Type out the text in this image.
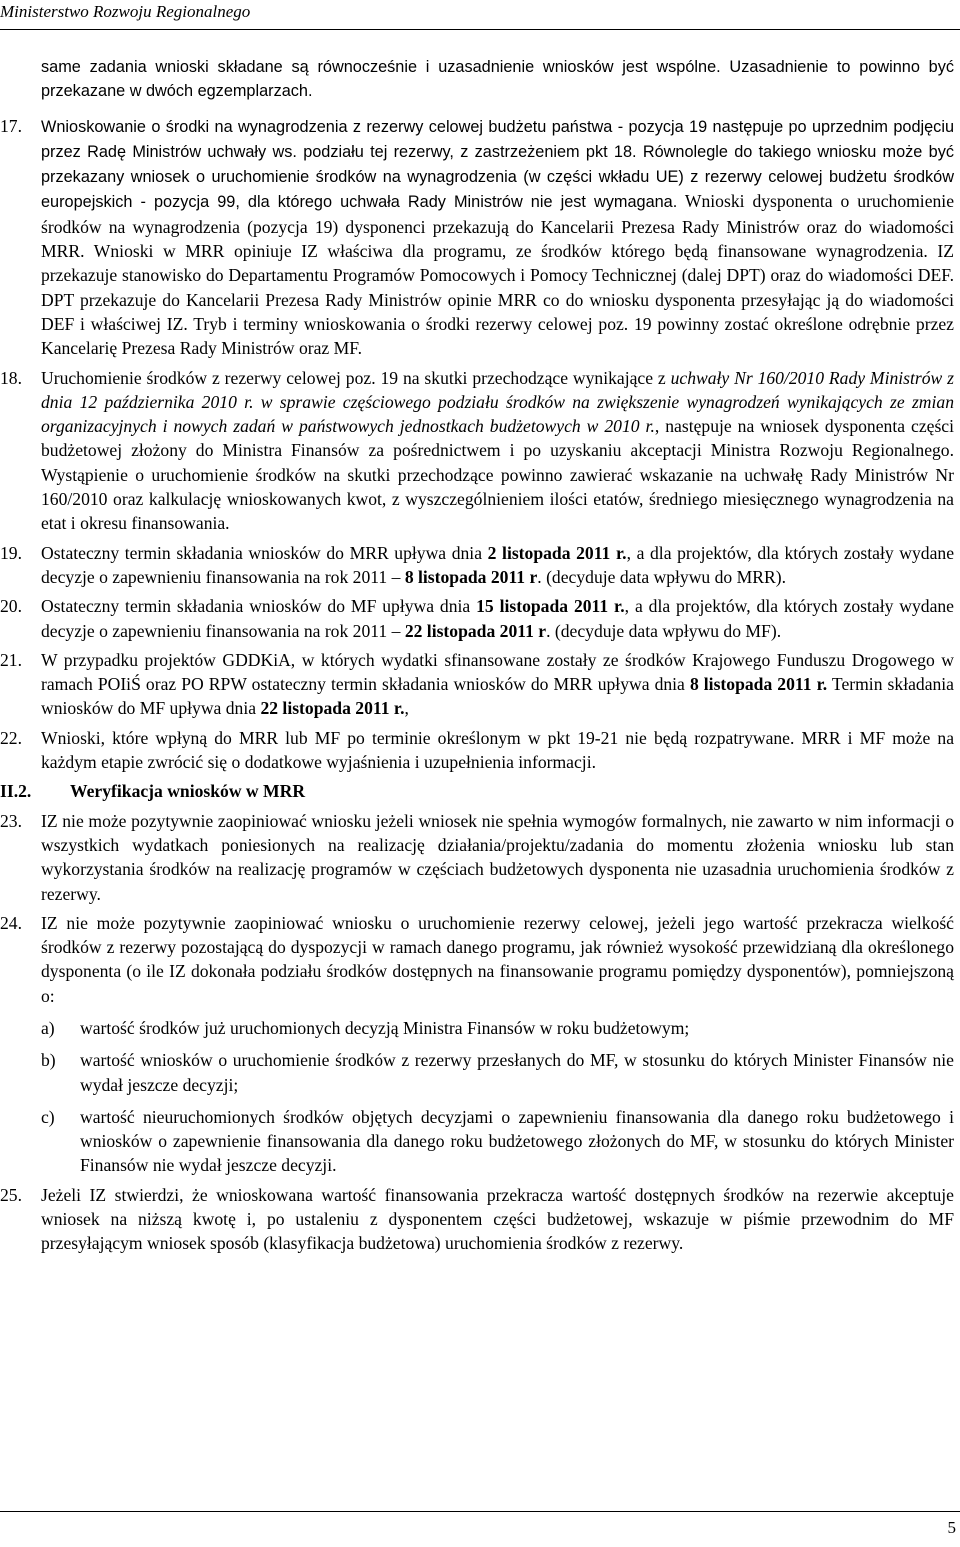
Ministerstwo Rozwoju Regionalnego
same zadania wnioski składane są równocześnie i uzasadnienie wniosków jest wspólne. Uzasadnienie to powinno być przekazane w dwóch egzemplarzach.
17.	Wnioskowanie o środki na wynagrodzenia z rezerwy celowej budżetu państwa - pozycja 19 następuje po uprzednim podjęciu przez Radę Ministrów uchwały ws. podziału tej rezerwy, z zastrzeżeniem pkt 18. Równolegle do takiego wniosku może być przekazany wniosek o uruchomienie środków na wynagrodzenia (w części wkładu UE) z rezerwy celowej budżetu środków europejskich - pozycja 99, dla którego uchwała Rady Ministrów nie jest wymagana. Wnioski dysponenta o uruchomienie środków na wynagrodzenia (pozycja 19) dysponenci przekazują do Kancelarii Prezesa Rady Ministrów oraz do wiadomości MRR. Wnioski w MRR opiniuje IZ właściwa dla programu, ze środków którego będą finansowane wynagrodzenia. IZ przekazuje stanowisko do Departamentu Programów Pomocowych i Pomocy Technicznej (dalej DPT) oraz do wiadomości DEF. DPT przekazuje do Kancelarii Prezesa Rady Ministrów opinie MRR co do wniosku dysponenta przesyłając ją do wiadomości DEF i właściwej IZ. Tryb i terminy wnioskowania o środki rezerwy celowej poz. 19 powinny zostać określone odrębnie przez Kancelarię Prezesa Rady Ministrów oraz MF.
18.	Uruchomienie środków z rezerwy celowej poz. 19 na skutki przechodzące wynikające z uchwały Nr 160/2010 Rady Ministrów z dnia 12 października 2010 r. w sprawie częściowego podziału środków na zwiększenie wynagrodzeń wynikających ze zmian organizacyjnych i nowych zadań w państwowych jednostkach budżetowych w 2010 r., następuje na wniosek dysponenta części budżetowej złożony do Ministra Finansów za pośrednictwem i po uzyskaniu akceptacji Ministra Rozwoju Regionalnego. Wystąpienie o uruchomienie środków na skutki przechodzące powinno zawierać wskazanie na uchwałę Rady Ministrów Nr 160/2010 oraz kalkulację wnioskowanych kwot, z wyszczególnieniem ilości etatów, średniego miesięcznego wynagrodzenia na etat i okresu finansowania.
19.	Ostateczny termin składania wniosków do MRR upływa dnia 2 listopada 2011 r., a dla projektów, dla których zostały wydane decyzje o zapewnieniu finansowania na rok 2011 – 8 listopada 2011 r. (decyduje data wpływu do MRR).
20.	Ostateczny termin składania wniosków do MF upływa dnia 15 listopada 2011 r., a dla projektów, dla których zostały wydane decyzje o zapewnieniu finansowania na rok 2011 – 22 listopada 2011 r. (decyduje data wpływu do MF).
21.	W przypadku projektów GDDKiA, w których wydatki sfinansowane zostały ze środków Krajowego Funduszu Drogowego w ramach POIiŚ oraz PO RPW ostateczny termin składania wniosków do MRR upływa dnia 8 listopada 2011 r. Termin składania wniosków do MF upływa dnia 22 listopada 2011 r.,
22.	Wnioski, które wpłyną do MRR lub MF po terminie określonym w pkt 19-21 nie będą rozpatrywane. MRR i MF może na każdym etapie zwrócić się o dodatkowe wyjaśnienia i uzupełnienia informacji.
II.2. Weryfikacja wniosków w MRR
23.	IZ nie może pozytywnie zaopiniować wniosku jeżeli wniosek nie spełnia wymogów formalnych, nie zawarto w nim informacji o wszystkich wydatkach poniesionych na realizację działania/projektu/zadania do momentu złożenia wniosku lub stan wykorzystania środków na realizację programów w częściach budżetowych dysponenta nie uzasadnia uruchomienia środków z rezerwy.
24.	IZ nie może pozytywnie zaopiniować wniosku o uruchomienie rezerwy celowej, jeżeli jego wartość przekracza wielkość środków z rezerwy pozostającą do dyspozycji w ramach danego programu, jak również wysokość przewidzianą dla określonego dysponenta (o ile IZ dokonała podziału środków dostępnych na finansowanie programu pomiędzy dysponentów), pomniejszoną o:
a) wartość środków już uruchomionych decyzją Ministra Finansów w roku budżetowym;
b) wartość wniosków o uruchomienie środków z rezerwy przesłanych do MF, w stosunku do których Minister Finansów nie wydał jeszcze decyzji;
c) wartość nieuruchomionych środków objętych decyzjami o zapewnieniu finansowania dla danego roku budżetowego i wniosków o zapewnienie finansowania dla danego roku budżetowego złożonych do MF, w stosunku do których Minister Finansów nie wydał jeszcze decyzji.
25.	Jeżeli IZ stwierdzi, że wnioskowana wartość finansowania przekracza wartość dostępnych środków na rezerwie akceptuje wniosek na niższą kwotę i, po ustaleniu z dysponentem części budżetowej, wskazuje w piśmie przewodnim do MF przesyłającym wniosek sposób (klasyfikacja budżetowa) uruchomienia środków z rezerwy.
5
